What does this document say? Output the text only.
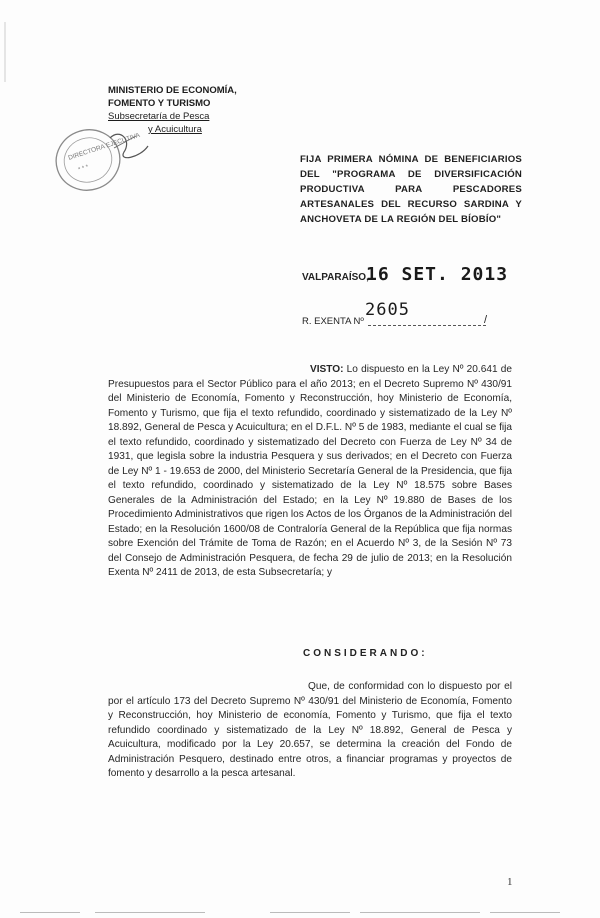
MINISTERIO DE ECONOMÍA,
FOMENTO Y TURISMO
Subsecretaría de Pesca
y Acuicultura
DIRECTORA EJECUTIVA
* * *
FIJA PRIMERA NÓMINA DE BENEFICIARIOS DEL "PROGRAMA DE DIVERSIFICACIÓN PRODUCTIVA PARA PESCADORES ARTESANALES DEL RECURSO SARDINA Y ANCHOVETA DE LA REGIÓN DEL BÍOBÍO"
VALPARAÍSO,
16 SET. 2013
2605
R. EXENTA Nº	/
VISTO: Lo dispuesto en la Ley Nº 20.641 de Presupuestos para el Sector Público para el año 2013; en el Decreto Supremo Nº 430/91 del Ministerio de Economía, Fomento y Reconstrucción, hoy Ministerio de Economía, Fomento y Turismo, que fija el texto refundido, coordinado y sistematizado de la Ley Nº 18.892, General de Pesca y Acuicultura; en el D.F.L. Nº 5 de 1983, mediante el cual se fija el texto refundido, coordinado y sistematizado del Decreto con Fuerza de Ley Nº 34 de 1931, que legisla sobre la industria Pesquera y sus derivados; en el Decreto con Fuerza de Ley Nº 1 - 19.653 de 2000, del Ministerio Secretaría General de la Presidencia, que fija el texto refundido, coordinado y sistematizado de la Ley Nº 18.575 sobre Bases Generales de la Administración del Estado; en la Ley Nº 19.880 de Bases de los Procedimiento Administrativos que rigen los Actos de los Órganos de la Administración del Estado; en la Resolución 1600/08 de Contraloría General de la República que fija normas sobre Exención del Trámite de Toma de Razón; en el Acuerdo Nº 3, de la Sesión Nº 73 del Consejo de Administración Pesquera, de fecha 29 de julio de 2013; en la Resolución Exenta Nº 2411 de 2013, de esta Subsecretaría; y
CONSIDERANDO:
Que, de conformidad con lo dispuesto por el por el artículo 173 del Decreto Supremo Nº 430/91 del Ministerio de Economía, Fomento y Reconstrucción, hoy Ministerio de economía, Fomento y Turismo, que fija el texto refundido coordinado y sistematizado de la Ley Nº 18.892, General de Pesca y Acuicultura, modificado por la Ley 20.657, se determina la creación del Fondo de Administración Pesquero, destinado entre otros, a financiar programas y proyectos de fomento y desarrollo a la pesca artesanal.
1
